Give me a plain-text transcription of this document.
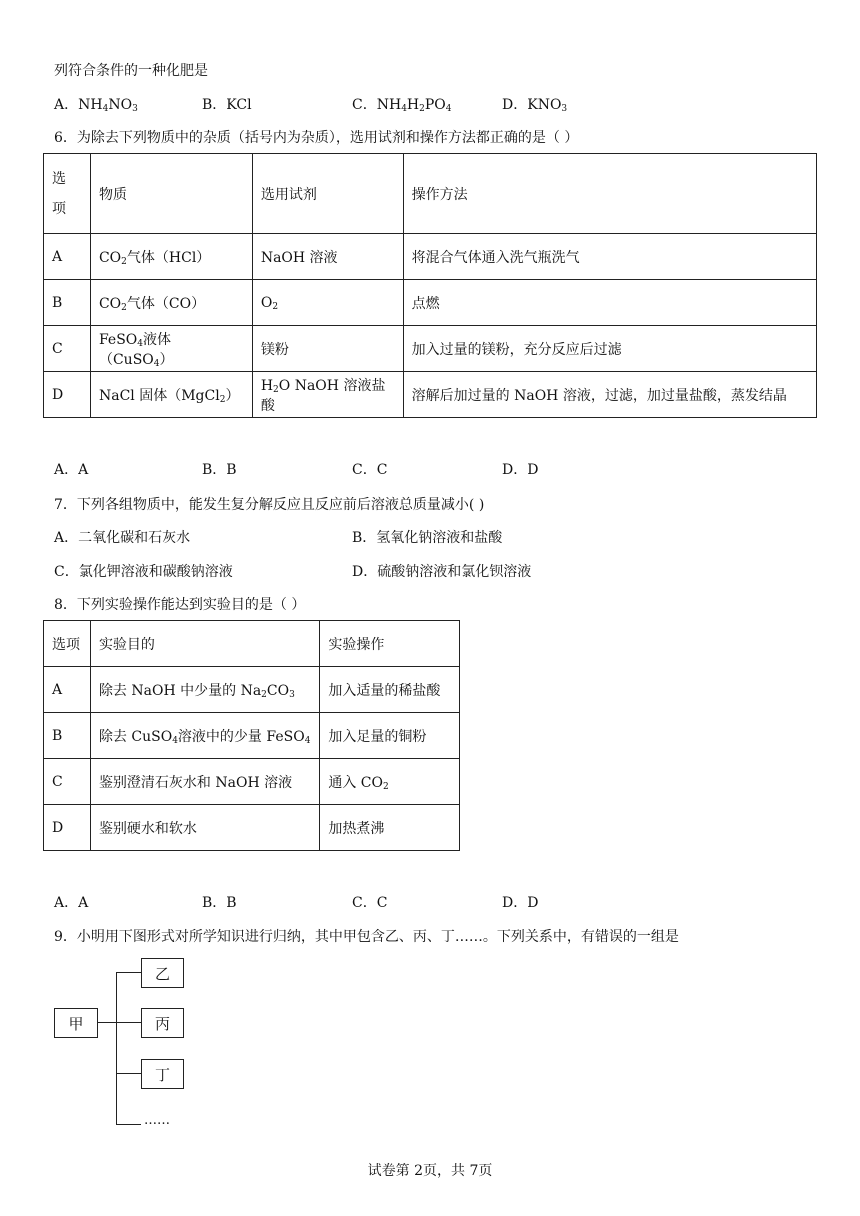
列符合条件的一种化肥是
A．$NH_4NO_3$	B．KCl	C．$NH_4H_2PO_4$	D．$KNO_3$
6．为除去下列物质中的杂质（括号内为杂质），选用试剂和操作方法都正确的是（ ）
选
项	物质	选用试剂	操作方法
A	$CO_2$气体（HCl）	NaOH 溶液	将混合气体通入洗气瓶洗气
B	$CO_2$气体（CO）	$O_2$	点燃
C	FeSO$_4$液体（CuSO$_4$）	镁粉	加入过量的镁粉，充分反应后过滤
D	NaCl 固体（MgCl$_2$）	$H_2O$ NaOH 溶液盐酸	溶解后加过量的 NaOH 溶液，过滤，加过量盐酸，蒸发结晶
A．A	B．B	C．C	D．D
7．下列各组物质中，能发生复分解反应且反应前后溶液总质量减小( )
A．二氧化碳和石灰水	B．氢氧化钠溶液和盐酸
C．氯化钾溶液和碳酸钠溶液	D．硫酸钠溶液和氯化钡溶液
8．下列实验操作能达到实验目的是（ ）
选项	实验目的	实验操作
A	除去 NaOH 中少量的 $Na_2CO_3$	加入适量的稀盐酸
B	除去 CuSO$_4$溶液中的少量 FeSO$_4$	加入足量的铜粉
C	鉴别澄清石灰水和 NaOH 溶液	通入 $CO_2$
D	鉴别硬水和软水	加热煮沸
A．A	B．B	C．C	D．D
9．小明用下图形式对所学知识进行归纳，其中甲包含乙、丙、丁……。下列关系中，有错误的一组是
甲
乙
丙
丁
……
试卷第 2页，共 7页
